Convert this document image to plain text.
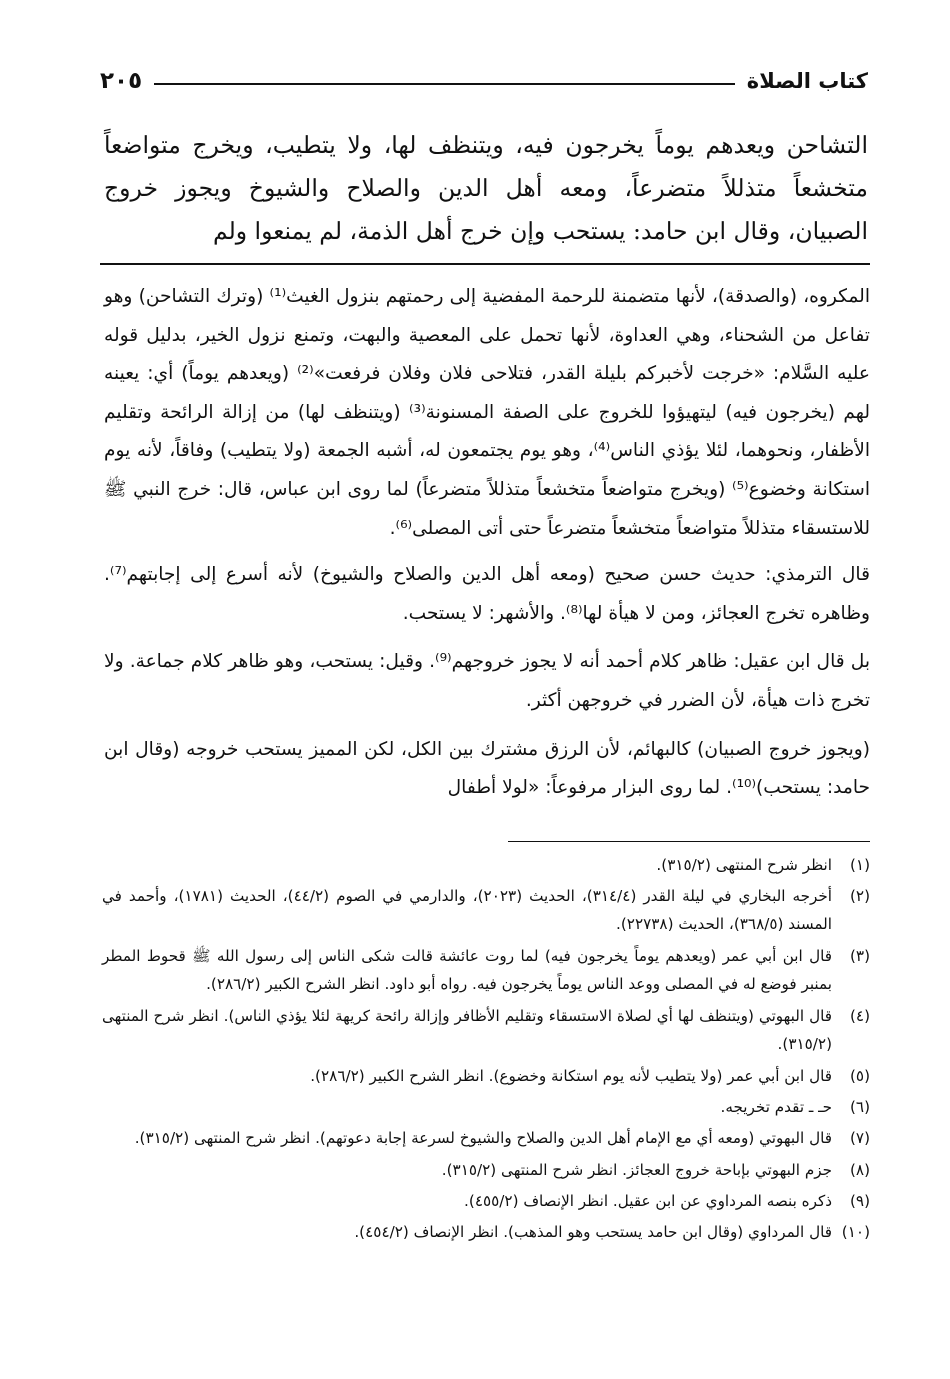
كتاب الصلاة
٢٠٥
التشاحن ويعدهم يوماً يخرجون فيه، ويتنظف لها، ولا يتطيب، ويخرج متواضعاً متخشعاً متذللاً متضرعاً، ومعه أهل الدين والصلاح والشيوخ ويجوز خروج الصبيان، وقال ابن حامد: يستحب وإن خرج أهل الذمة، لم يمنعوا ولم

المكروه، (والصدقة)، لأنها متضمنة للرحمة المفضية إلى رحمتهم بنزول الغيث⁽¹⁾ (وترك التشاحن) وهو تفاعل من الشحناء، وهي العداوة، لأنها تحمل على المعصية والبهت، وتمنع نزول الخير، بدليل قوله عليه السَّلام: «خرجت لأخبركم بليلة القدر، فتلاحى فلان وفلان فرفعت»⁽²⁾ (ويعدهم يوماً) أي: يعينه لهم (يخرجون فيه) ليتهيؤوا للخروج على الصفة المسنونة⁽³⁾ (ويتنظف لها) من إزالة الرائحة وتقليم الأظفار، ونحوهما، لئلا يؤذي الناس⁽⁴⁾، وهو يوم يجتمعون له، أشبه الجمعة (ولا يتطيب) وفاقاً، لأنه يوم استكانة وخضوع⁽⁵⁾ (ويخرج متواضعاً متخشعاً متذللاً متضرعاً) لما روى ابن عباس، قال: خرج النبي ﷺ للاستسقاء متذللاً متواضعاً متخشعاً متضرعاً حتى أتى المصلى⁽⁶⁾.

قال الترمذي: حديث حسن صحيح (ومعه أهل الدين والصلاح والشيوخ) لأنه أسرع إلى إجابتهم⁽⁷⁾. وظاهره تخرج العجائز، ومن لا هيأة لها⁽⁸⁾. والأشهر: لا يستحب.

بل قال ابن عقيل: ظاهر كلام أحمد أنه لا يجوز خروجهم⁽⁹⁾. وقيل: يستحب، وهو ظاهر كلام جماعة. ولا تخرج ذات هيأة، لأن الضرر في خروجهن أكثر.

(ويجوز خروج الصبيان) كالبهائم، لأن الرزق مشترك بين الكل، لكن المميز يستحب خروجه (وقال ابن حامد: يستحب)⁽¹⁰⁾. لما روى البزار مرفوعاً: «لولا أطفال

(١)
انظر شرح المنتهى (٣١٥/٢).
(٢)
أخرجه البخاري في ليلة القدر (٣١٤/٤)، الحديث (٢٠٢٣)، والدارمي في الصوم (٤٤/٢)، الحديث (١٧٨١)، وأحمد في المسند (٣٦٨/٥)، الحديث (٢٢٧٣٨).
(٣)
قال ابن أبي عمر (ويعدهم يوماً يخرجون فيه) لما روت عائشة قالت شكى الناس إلى رسول الله ﷺ قحوط المطر بمنبر فوضع له في المصلى ووعد الناس يوماً يخرجون فيه. رواه أبو داود. انظر الشرح الكبير (٢٨٦/٢).
(٤)
قال البهوتي (ويتنظف لها أي لصلاة الاستسقاء وتقليم الأظافر وإزالة رائحة كريهة لئلا يؤذي الناس). انظر شرح المنتهى (٣١٥/٢).
(٥)
قال ابن أبي عمر (ولا يتطيب لأنه يوم استكانة وخضوع). انظر الشرح الكبير (٢٨٦/٢).
(٦)
حـ ـ تقدم تخريجه.
(٧)
قال البهوتي (ومعه أي مع الإمام أهل الدين والصلاح والشيوخ لسرعة إجابة دعوتهم). انظر شرح المنتهى (٣١٥/٢).
(٨)
جزم البهوتي بإباحة خروج العجائز. انظر شرح المنتهى (٣١٥/٢).
(٩)
ذكره بنصه المرداوي عن ابن عقيل. انظر الإنصاف (٤٥٥/٢).
(١٠)
قال المرداوي (وقال ابن حامد يستحب وهو المذهب). انظر الإنصاف (٤٥٤/٢).
